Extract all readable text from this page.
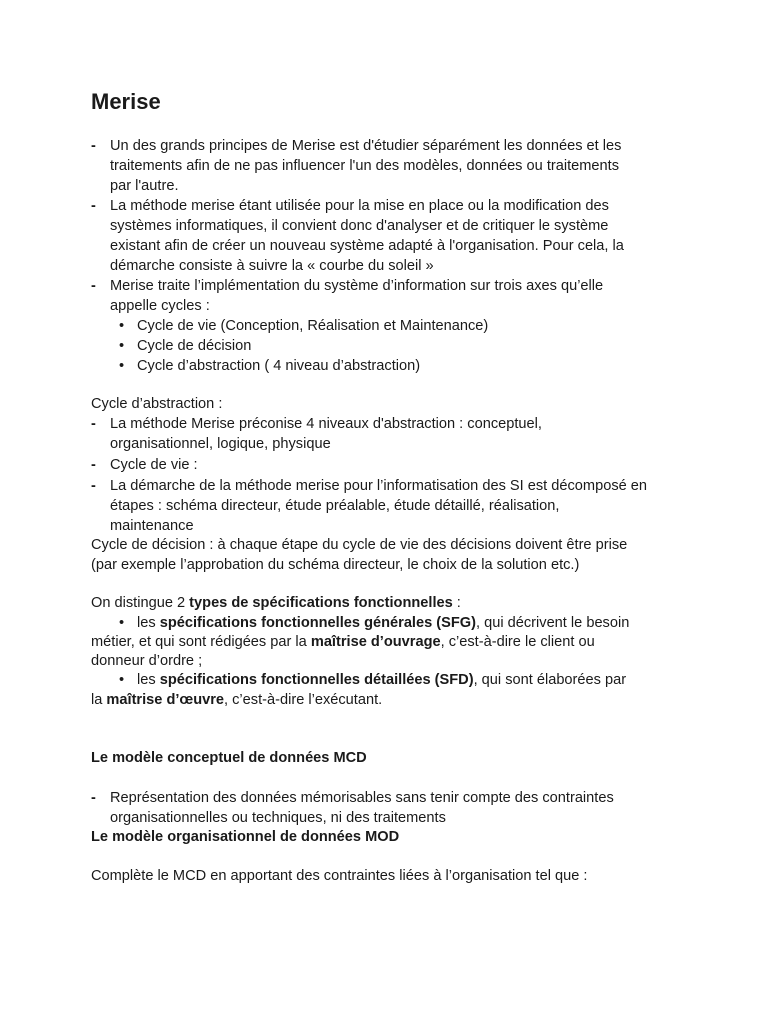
Merise
- Un des grands principes de Merise est d'étudier séparément les données et les
traitements afin de ne pas influencer l'un des modèles, données ou traitements
par l'autre.
- La méthode merise étant utilisée pour la mise en place ou la modification des
systèmes informatiques, il convient donc d'analyser et de critiquer le système
existant afin de créer un nouveau système adapté à l'organisation. Pour cela, la
démarche consiste à suivre la « courbe du soleil »
- Merise traite l’implémentation du système d’information sur trois axes qu’elle
appelle cycles :
• Cycle de vie (Conception, Réalisation et Maintenance)
• Cycle de décision
• Cycle d’abstraction ( 4 niveau d’abstraction)
Cycle d’abstraction :
- La méthode Merise préconise 4 niveaux d'abstraction : conceptuel,
organisationnel, logique, physique
- Cycle de vie :
- La démarche de la méthode merise pour l’informatisation des SI est décomposé en
étapes : schéma directeur, étude préalable, étude détaillé, réalisation,
maintenance
Cycle de décision : à chaque étape du cycle de vie des décisions doivent être prise
(par exemple l’approbation du schéma directeur, le choix de la solution etc.)
On distingue 2 types de spécifications fonctionnelles :
• les spécifications fonctionnelles générales (SFG), qui décrivent le besoin
métier, et qui sont rédigées par la maîtrise d’ouvrage, c’est-à-dire le client ou
donneur d’ordre ;
• les spécifications fonctionnelles détaillées (SFD), qui sont élaborées par
la maîtrise d’œuvre, c’est-à-dire l’exécutant.
Le modèle conceptuel de données MCD
- Représentation des données mémorisables sans tenir compte des contraintes
organisationnelles ou techniques, ni des traitements
Le modèle organisationnel de données MOD
Complète le MCD en apportant des contraintes liées à l’organisation tel que :
